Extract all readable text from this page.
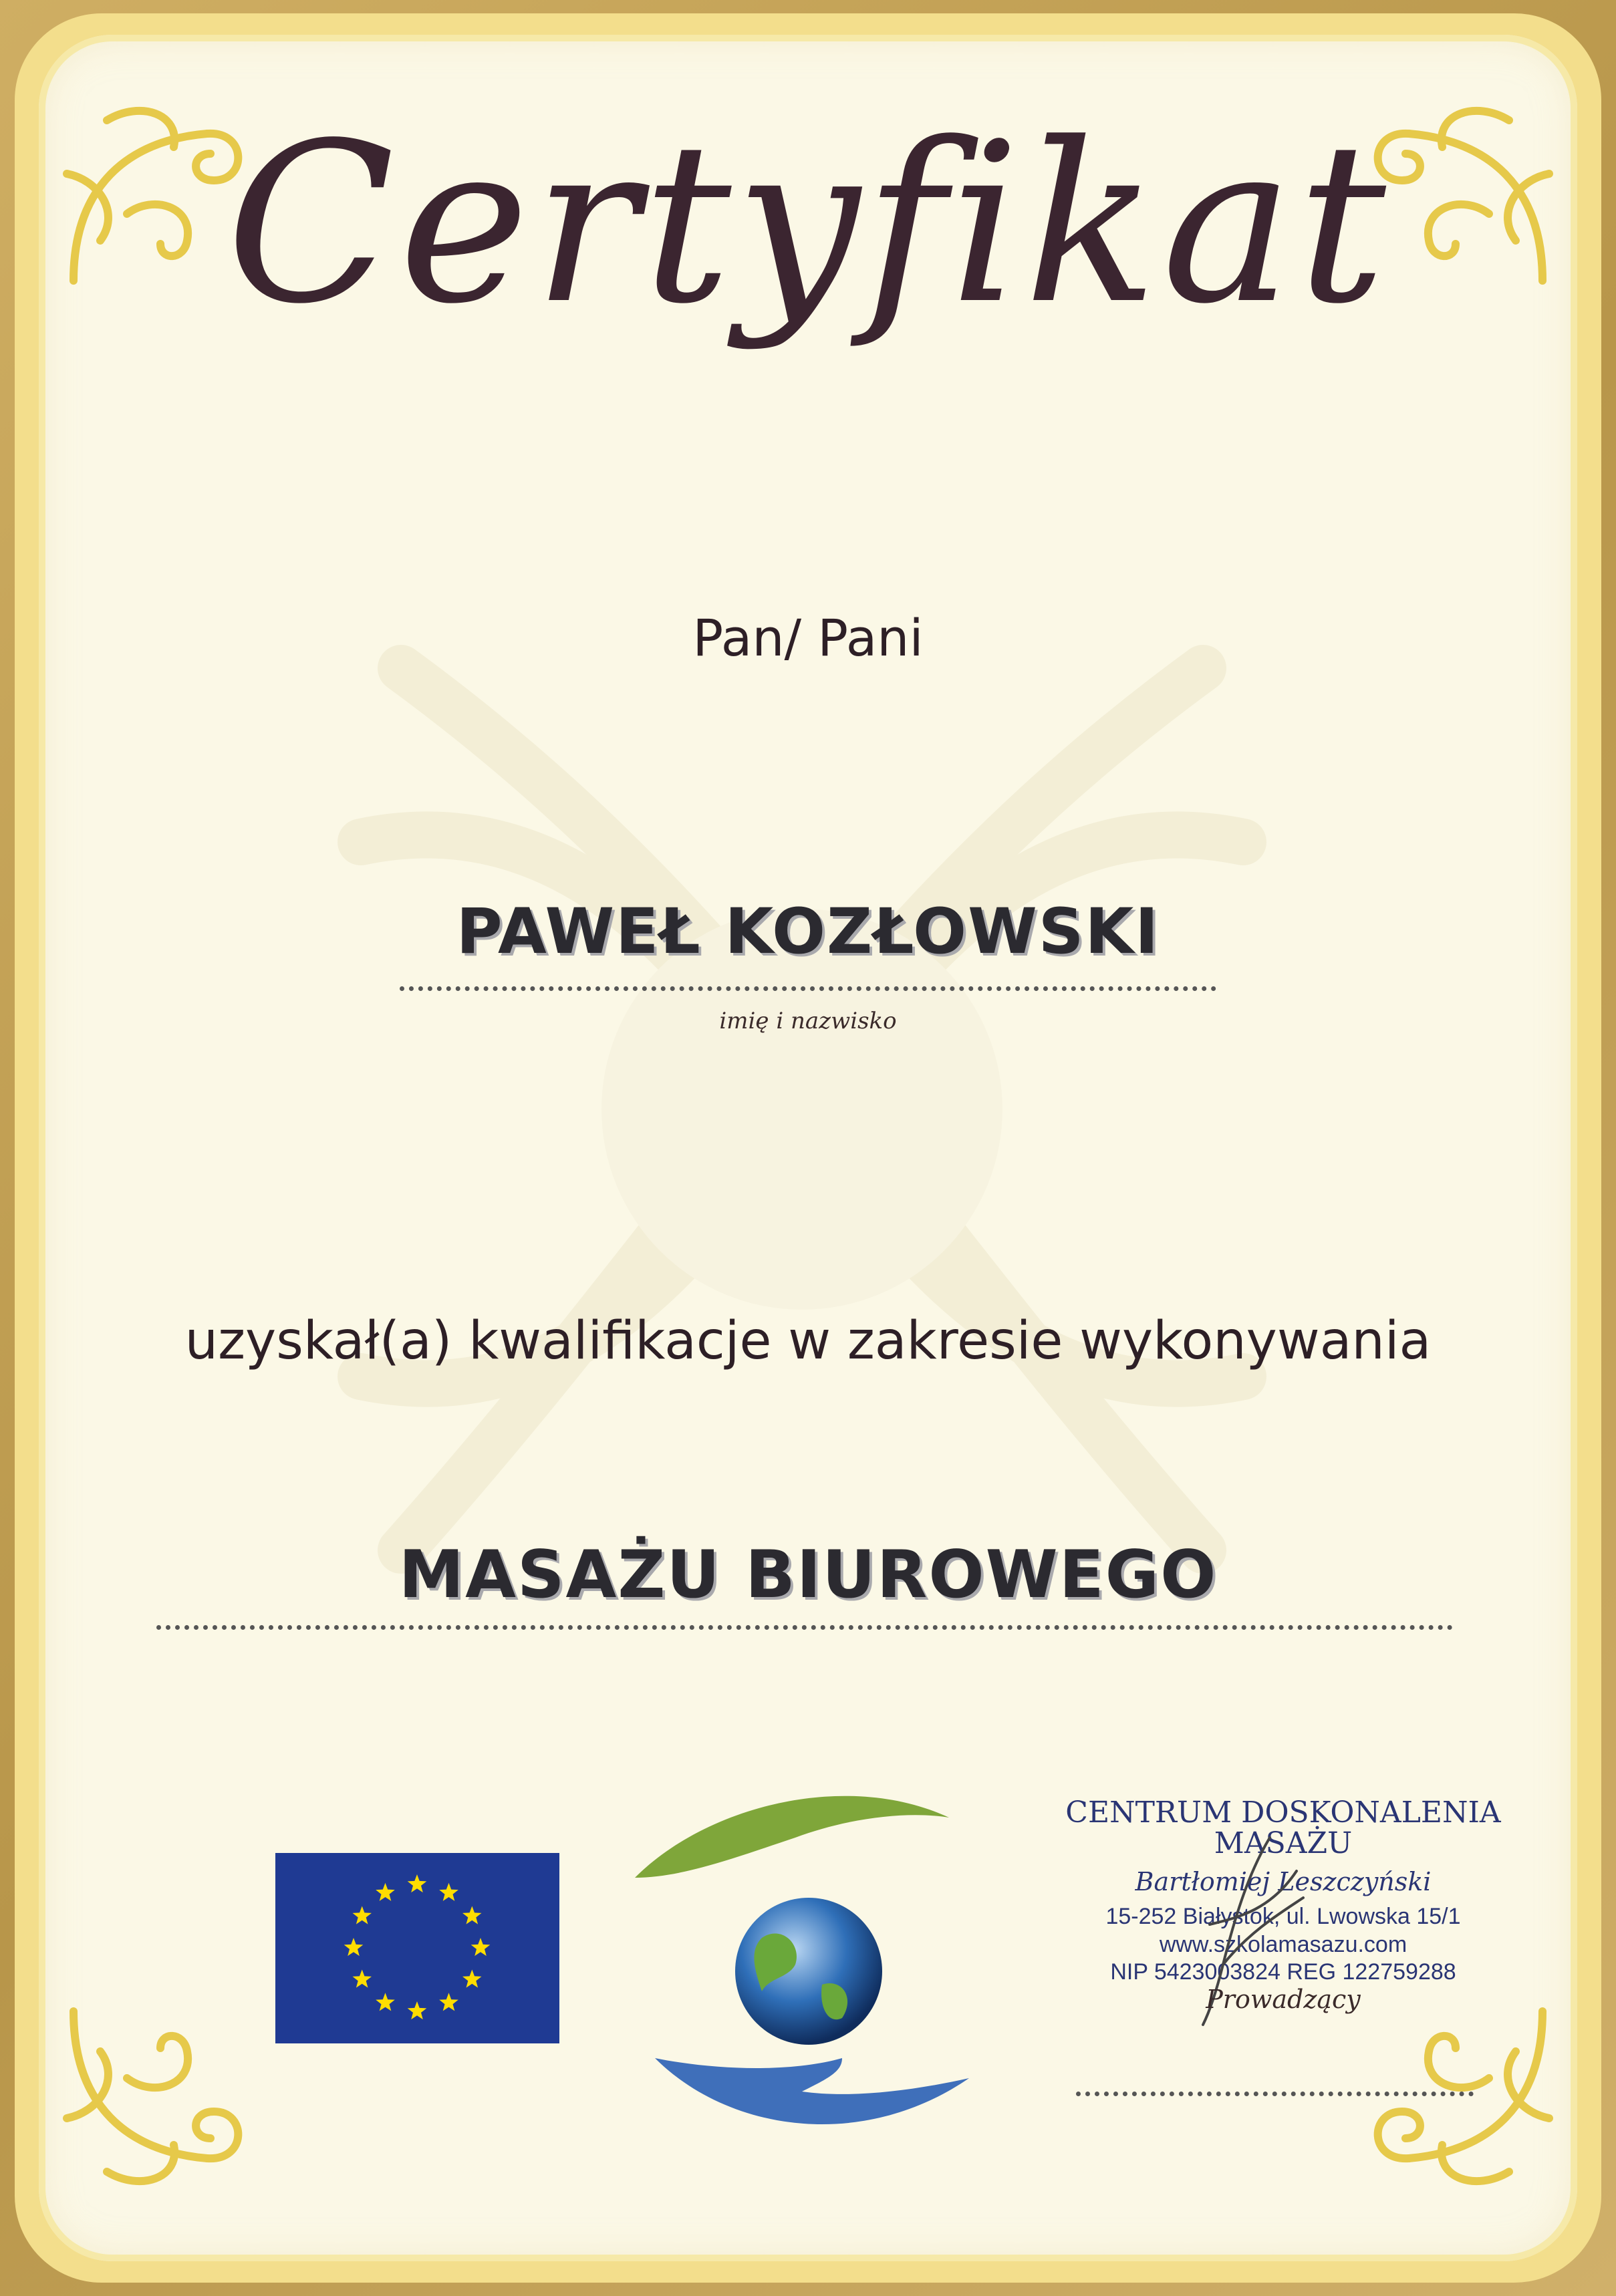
Certyfikat
Pan/ Pani
PAWEŁ KOZŁOWSKI
imię i nazwisko
uzyskał(a) kwalifikacje w zakresie wykonywania
MASAŻU BIUROWEGO
CENTRUM DOSKONALENIA
MASAŻU
Bartłomiej Leszczyński
15-252 Białystok, ul. Lwowska 15/1
www.szkolamasazu.com
NIP 5423003824 REG 122759288
Prowadzący
